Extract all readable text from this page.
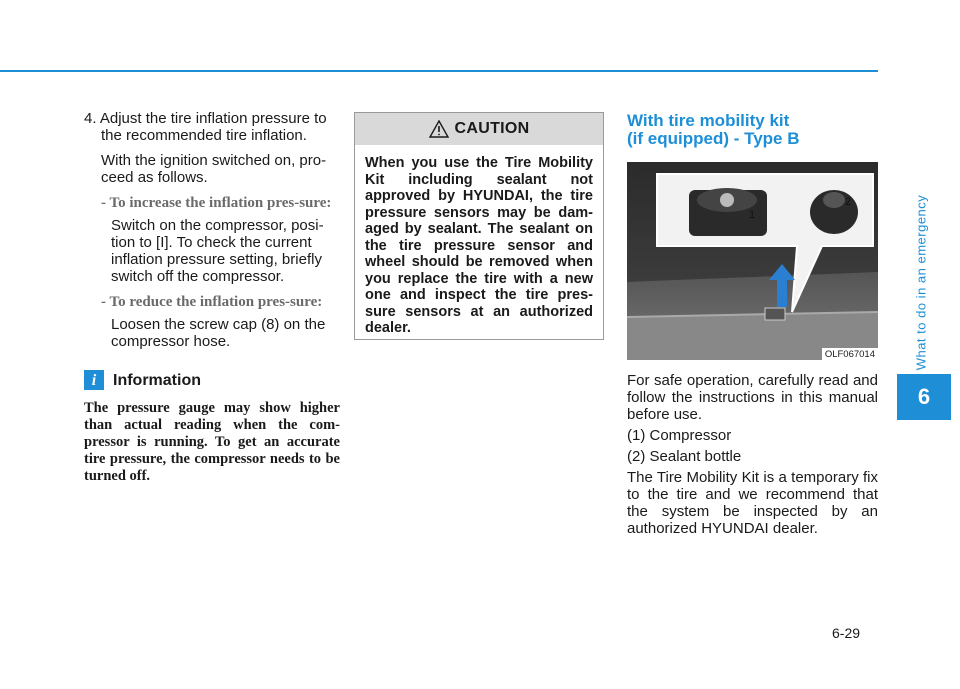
4. Adjust the tire inflation pressure to the recommended tire inflation.

With the ignition switched on, pro-ceed as follows.

- To increase the inflation pres-sure:

Switch on the compressor, posi-tion to [I]. To check the current inflation pressure setting, briefly switch off the compressor.

- To reduce the inflation pres-sure:

Loosen the screw cap (8) on the compressor hose.

i	Information

The pressure gauge may show higher than actual reading when the com-pressor is running. To get an accurate tire pressure, the compressor needs to be turned off.

CAUTION

When you use the Tire Mobility Kit including sealant not approved by HYUNDAI, the tire pressure sensors may be dam-aged by sealant. The sealant on the tire pressure sensor and wheel should be removed when you replace the tire with a new one and inspect the tire pres-sure sensors at an authorized dealer.

With tire mobility kit
(if equipped) - Type B
1
2
OLF067014

For safe operation, carefully read and follow the instructions in this manual before use.

(1) Compressor

(2) Sealant bottle

The Tire Mobility Kit is a temporary fix to the tire and we recommend that the system be inspected by an authorized HYUNDAI dealer.

What to do in an emergency
6
6-29
